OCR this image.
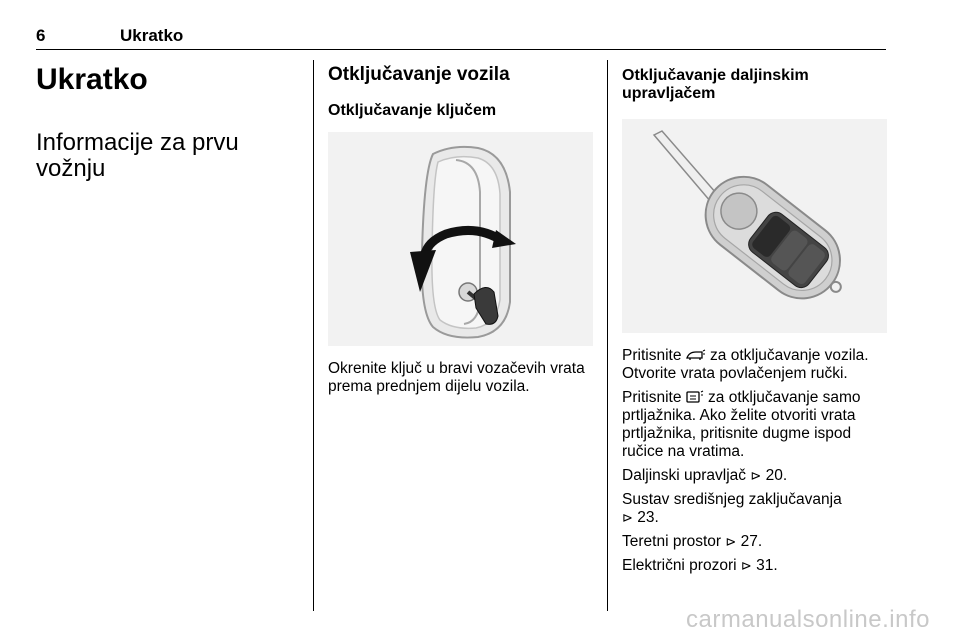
6	Ukratko
Ukratko
Informacije za prvu vožnju
Otključavanje vozila
Otključavanje ključem

Okrenite ključ u bravi vozačevih vrata prema prednjem dijelu vozila.

Otključavanje daljinskim upravljačem

Pritisnite  za otključavanje vozila. Otvorite vrata povlačenjem ručki.

Pritisnite  za otključavanje samo prtljažnika. Ako želite otvoriti vrata prtljažnika, pritisnite dugme ispod ručice na vratima.

Daljinski upravljač ⊳ 20.

Sustav središnjeg zaključavanja
⊳ 23.

Teretni prostor ⊳ 27.

Električni prozori ⊳ 31.

carmanualsonline.info
